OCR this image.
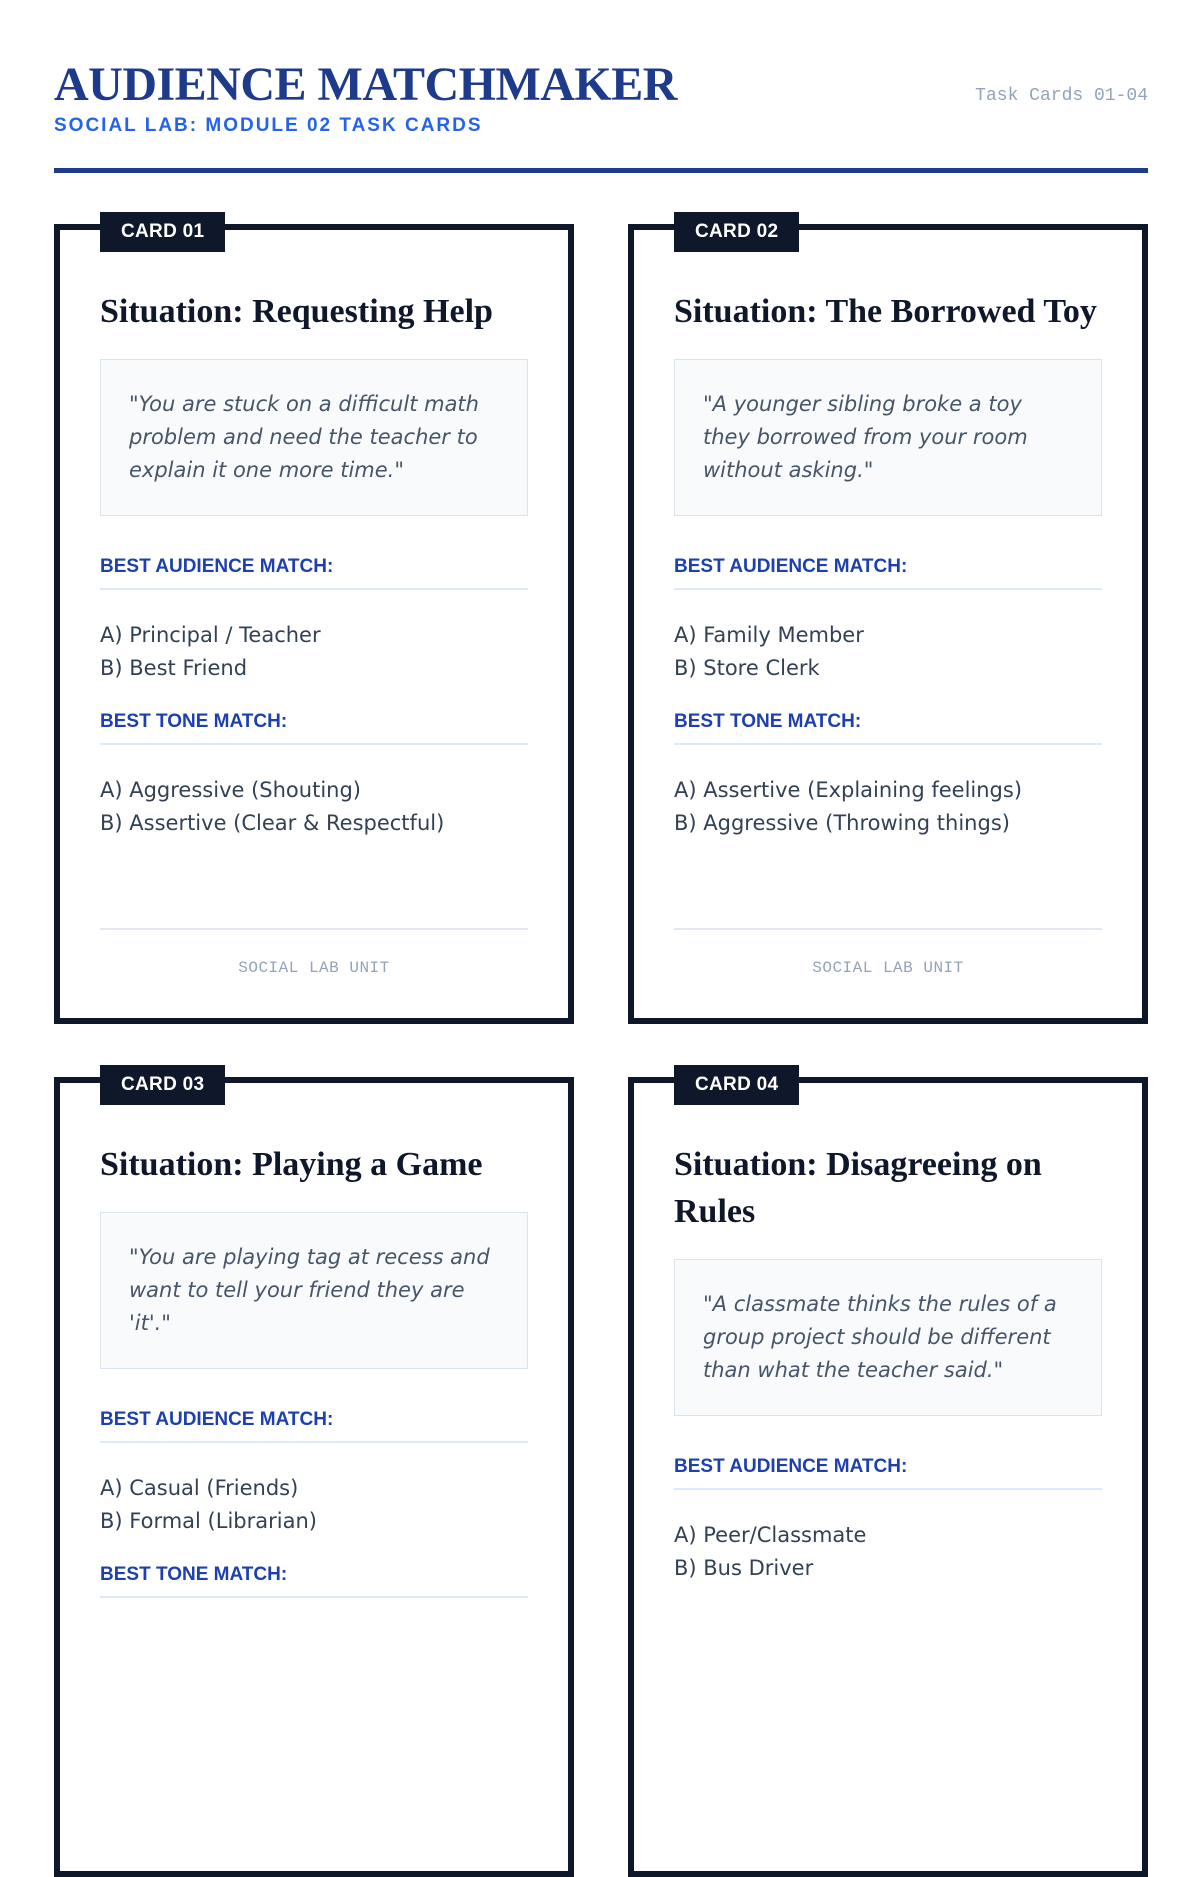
AUDIENCE MATCHMAKER
SOCIAL LAB: MODULE 02 TASK CARDS
Task Cards 01-04
CARD 01
Situation: Requesting Help
"You are stuck on a difficult math problem and need the teacher to explain it one more time."
BEST AUDIENCE MATCH:
A) Principal / Teacher
B) Best Friend
BEST TONE MATCH:
A) Aggressive (Shouting)
B) Assertive (Clear & Respectful)
SOCIAL LAB UNIT
CARD 02
Situation: The Borrowed Toy
"A younger sibling broke a toy they borrowed from your room without asking."
BEST AUDIENCE MATCH:
A) Family Member
B) Store Clerk
BEST TONE MATCH:
A) Assertive (Explaining feelings)
B) Aggressive (Throwing things)
SOCIAL LAB UNIT
CARD 03
Situation: Playing a Game
"You are playing tag at recess and want to tell your friend they are 'it'."
BEST AUDIENCE MATCH:
A) Casual (Friends)
B) Formal (Librarian)
BEST TONE MATCH:
CARD 04
Situation: Disagreeing on Rules
"A classmate thinks the rules of a group project should be different than what the teacher said."
BEST AUDIENCE MATCH:
A) Peer/Classmate
B) Bus Driver
